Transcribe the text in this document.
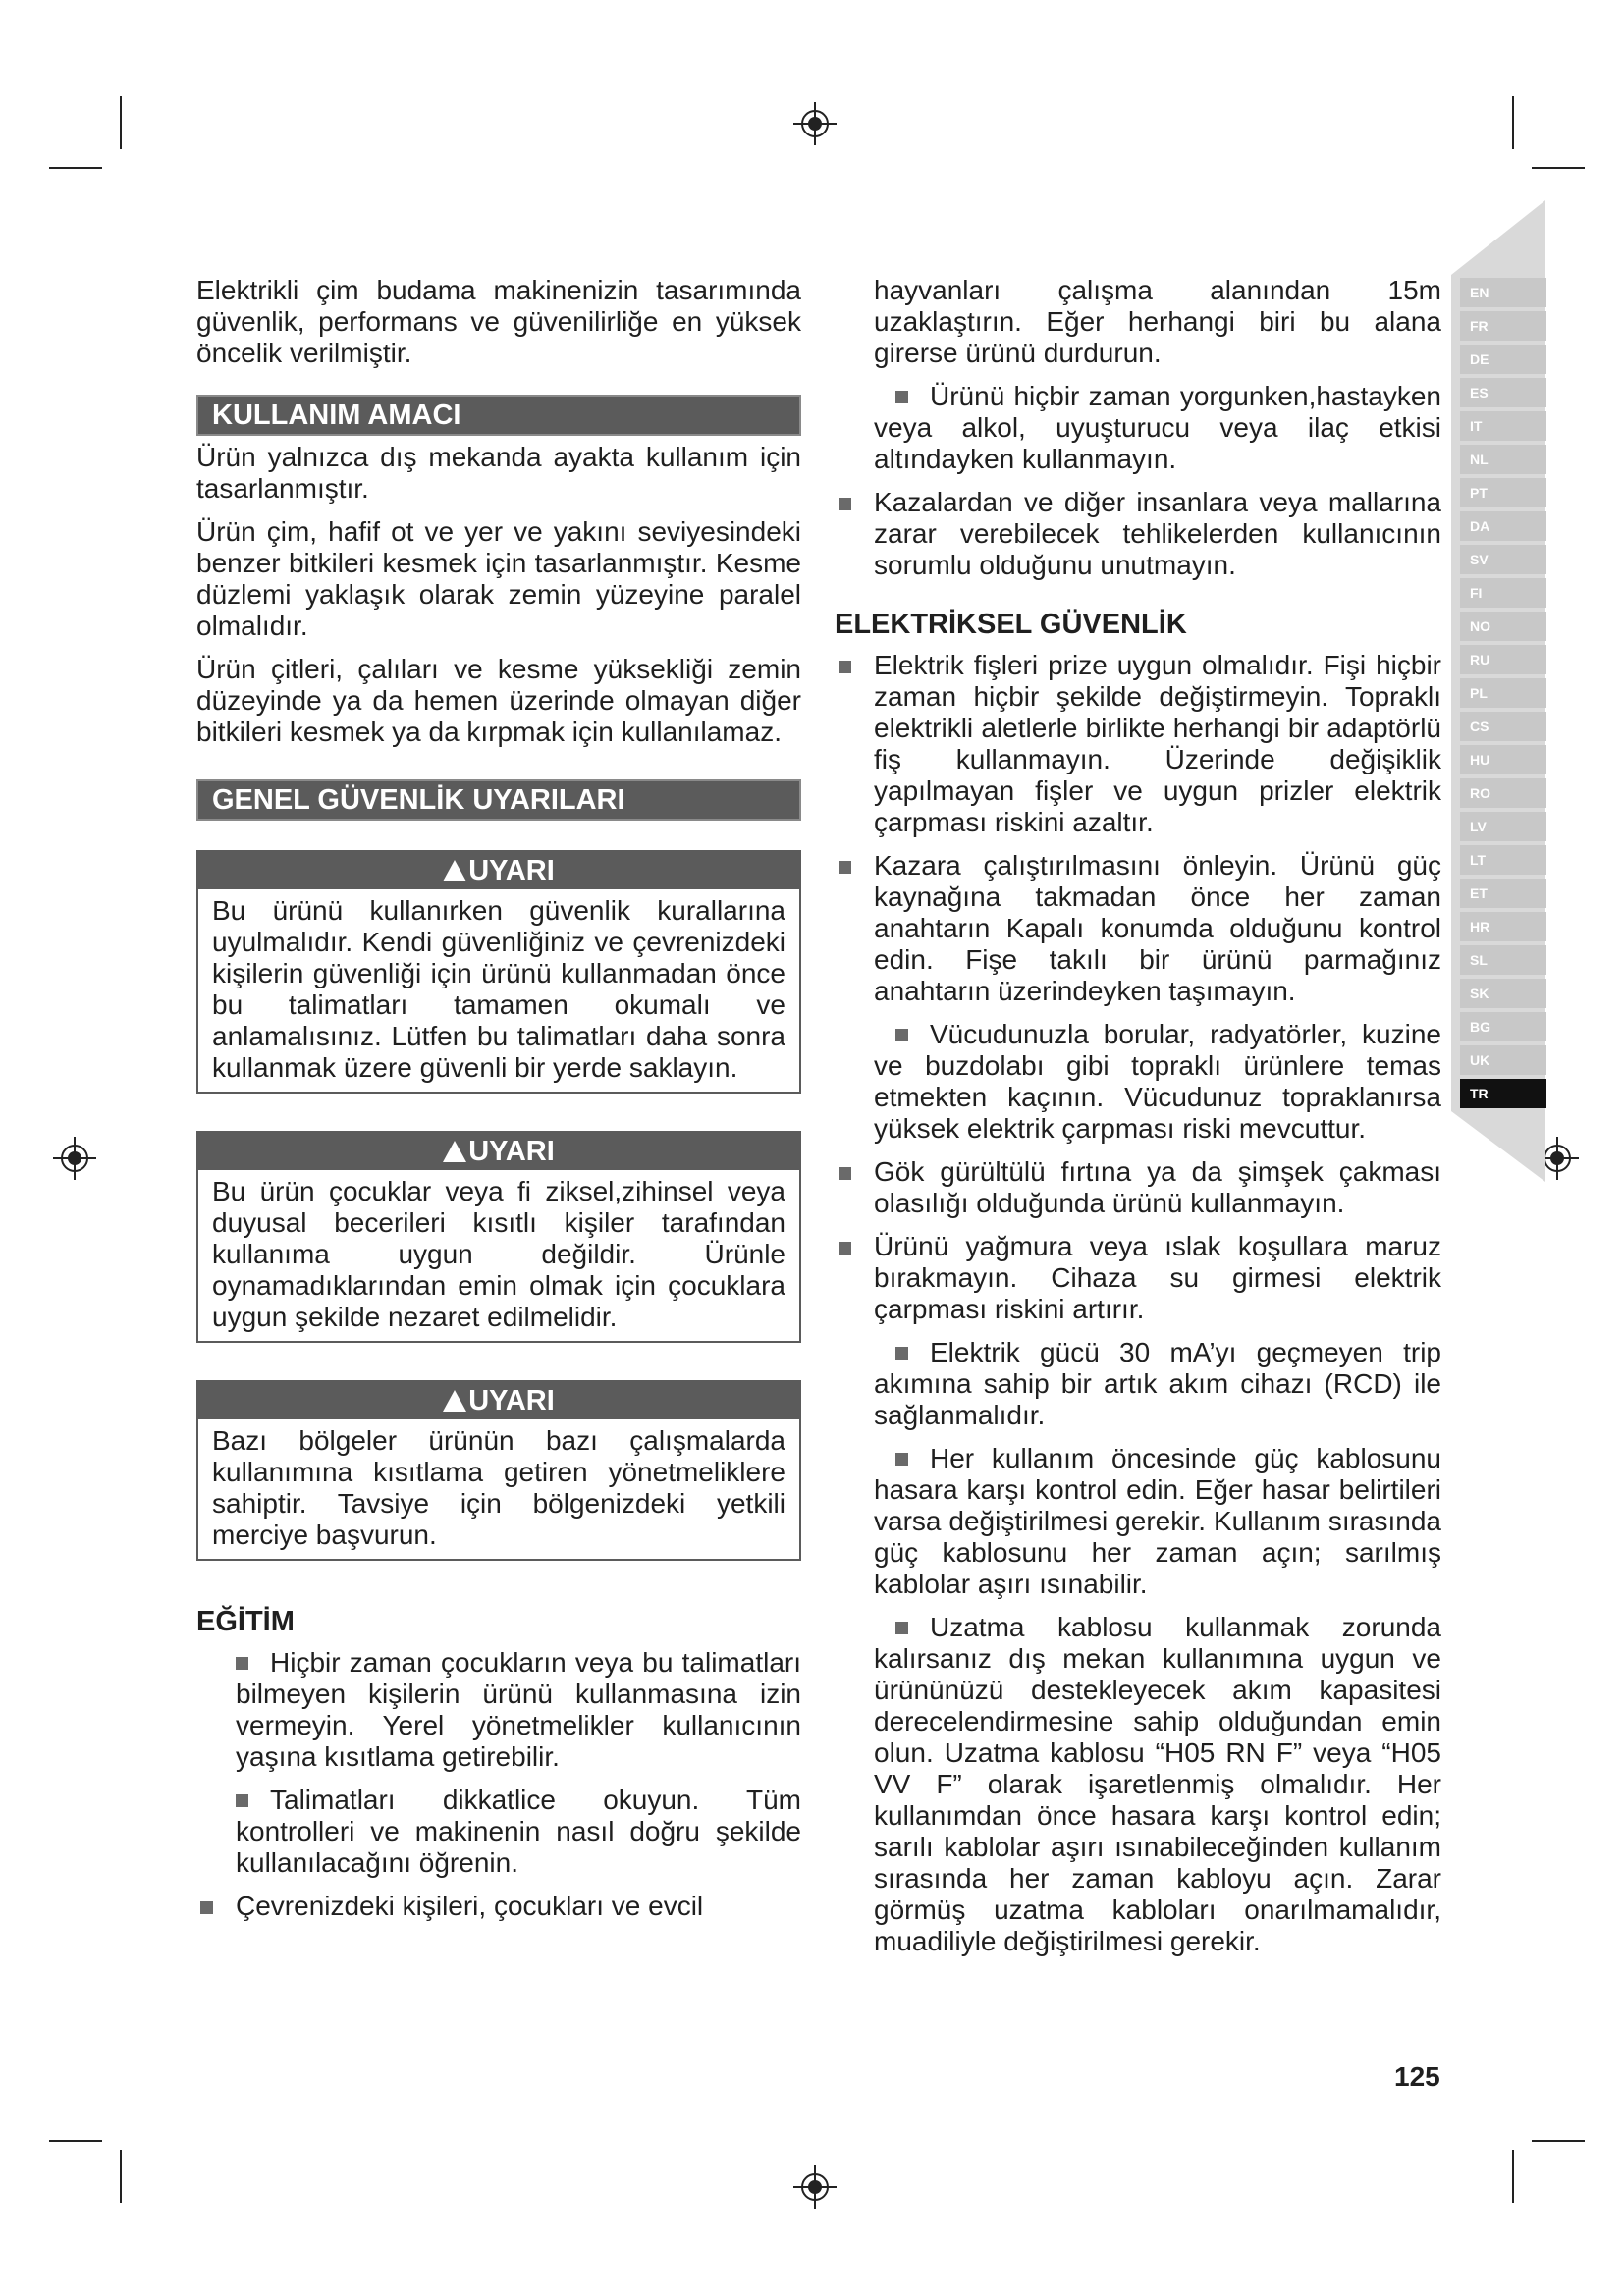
EN
FR
DE
ES
IT
NL
PT
DA
SV
FI
NO
RU
PL
CS
HU
RO
LV
LT
ET
HR
SL
SK
BG
UK
TR

Elektrikli çim budama makinenizin tasarımında güvenlik, performans ve güvenilirliğe en yüksek öncelik verilmiştir.

KULLANIM AMACI

Ürün yalnızca dış mekanda ayakta kullanım için tasarlanmıştır.

Ürün çim, hafif ot ve yer ve yakını seviyesindeki benzer bitkileri kesmek için tasarlanmıştır. Kesme düzlemi yaklaşık olarak zemin yüzeyine paralel olmalıdır.

Ürün çitleri, çalıları ve kesme yüksekliği zemin düzeyinde ya da hemen üzerinde olmayan diğer bitkileri kesmek ya da kırpmak için kullanılamaz.

GENEL GÜVENLİK UYARILARI
UYARI
Bu ürünü kullanırken güvenlik kurallarına uyulmalıdır. Kendi güvenliğiniz ve çevrenizdeki kişilerin güvenliği için ürünü kullanmadan önce bu talimatları tamamen okumalı ve anlamalısınız. Lütfen bu talimatları daha sonra kullanmak üzere güvenli bir yerde saklayın.
UYARI
Bu ürün çocuklar veya fi ziksel,zihinsel veya duyusal becerileri kısıtlı kişiler tarafından kullanıma uygun değildir. Ürünle oynamadıklarından emin olmak için çocuklara uygun şekilde nezaret edilmelidir.
UYARI
Bazı bölgeler ürünün bazı çalışmalarda kullanımına kısıtlama getiren yönetmeliklere sahiptir. Tavsiye için bölgenizdeki yetkili merciye başvurun.
EĞİTİM

Hiçbir zaman çocukların veya bu talimatları bilmeyen kişilerin ürünü kullanmasına izin vermeyin. Yerel yönetmelikler kullanıcının yaşına kısıtlama getirebilir.

Talimatları dikkatlice okuyun. Tüm kontrolleri ve makinenin nasıl doğru şekilde kullanılacağını öğrenin.

Çevrenizdeki kişileri, çocukları ve evcil

hayvanları çalışma alanından 15m uzaklaştırın. Eğer herhangi biri bu alana girerse ürünü durdurun.

Ürünü hiçbir zaman yorgunken,hastayken veya alkol, uyuşturucu veya ilaç etkisi altındayken kullanmayın.

Kazalardan ve diğer insanlara veya mallarına zarar verebilecek tehlikelerden kullanıcının sorumlu olduğunu unutmayın.

ELEKTRİKSEL GÜVENLİK

Elektrik fişleri prize uygun olmalıdır. Fişi hiçbir zaman hiçbir şekilde değiştirmeyin. Topraklı elektrikli aletlerle birlikte herhangi bir adaptörlü fiş kullanmayın. Üzerinde değişiklik yapılmayan fişler ve uygun prizler elektrik çarpması riskini azaltır.

Kazara çalıştırılmasını önleyin. Ürünü güç kaynağına takmadan önce her zaman anahtarın Kapalı konumda olduğunu kontrol edin. Fişe takılı bir ürünü parmağınız anahtarın üzerindeyken taşımayın.

Vücudunuzla borular, radyatörler, kuzine ve buzdolabı gibi topraklı ürünlere temas etmekten kaçının. Vücudunuz topraklanırsa yüksek elektrik çarpması riski mevcuttur.

Gök gürültülü fırtına ya da şimşek çakması olasılığı olduğunda ürünü kullanmayın.

Ürünü yağmura veya ıslak koşullara maruz bırakmayın. Cihaza su girmesi elektrik çarpması riskini artırır.

Elektrik gücü 30 mA’yı geçmeyen trip akımına sahip bir artık akım cihazı (RCD) ile sağlanmalıdır.

Her kullanım öncesinde güç kablosunu hasara karşı kontrol edin. Eğer hasar belirtileri varsa değiştirilmesi gerekir. Kullanım sırasında güç kablosunu her zaman açın; sarılmış kablolar aşırı ısınabilir.

Uzatma kablosu kullanmak zorunda kalırsanız dış mekan kullanımına uygun ve ürününüzü destekleyecek akım kapasitesi derecelendirmesine sahip olduğundan emin olun. Uzatma kablosu “H05 RN F” veya “H05 VV F” olarak işaretlenmiş olmalıdır. Her kullanımdan önce hasara karşı kontrol edin; sarılı kablolar aşırı ısınabileceğinden kullanım sırasında her zaman kabloyu açın. Zarar görmüş uzatma kabloları onarılmamalıdır, muadiliyle değiştirilmesi gerekir.

125
